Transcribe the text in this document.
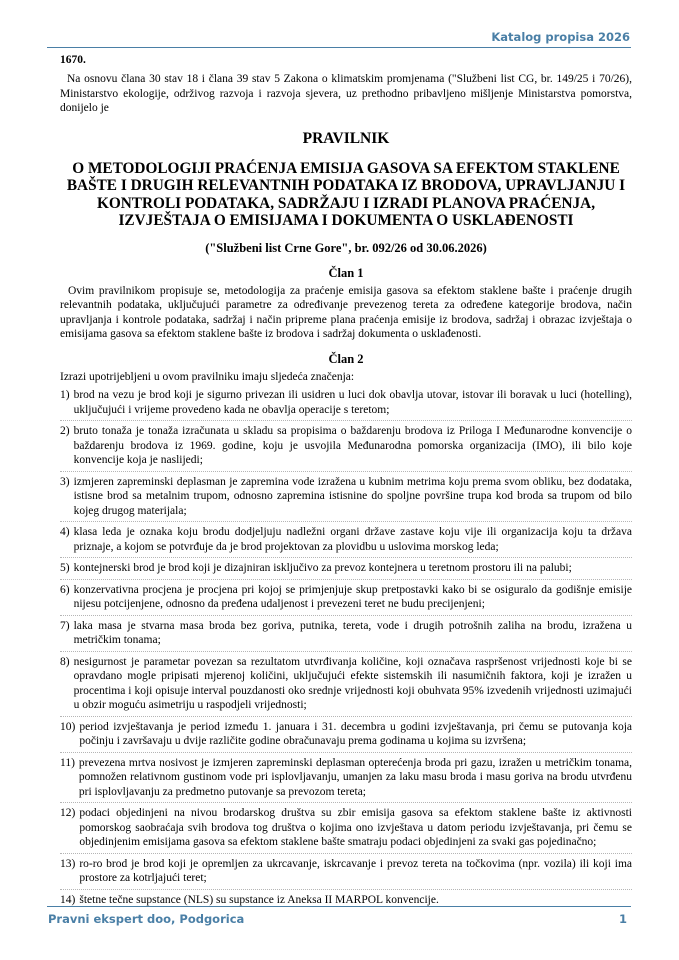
Katalog propisa 2026

1670.

Na osnovu člana 30 stav 18 i člana 39 stav 5 Zakona o klimatskim promjenama ("Službeni list CG, br. 149/25 i 70/26), Ministarstvo ekologije, održivog razvoja i razvoja sjevera, uz prethodno pribavljeno mišljenje Ministarstva pomorstva, donijelo je

PRAVILNIK
O METODOLOGIJI PRAĆENJA EMISIJA GASOVA SA EFEKTOM STAKLENE BAŠTE I DRUGIH RELEVANTNIH PODATAKA IZ BRODOVA, UPRAVLJANJU I KONTROLI PODATAKA, SADRŽAJU I IZRADI PLANOVA PRAĆENJA, IZVJEŠTAJA O EMISIJAMA I DOKUMENTA O USKLAĐENOSTI
("Službeni list Crne Gore", br. 092/26 od 30.06.2026)
Član 1

Ovim pravilnikom propisuje se, metodologija za praćenje emisija gasova sa efektom staklene bašte i praćenje drugih relevantnih podataka, uključujući parametre za određivanje prevezenog tereta za određene kategorije brodova, način upravljanja i kontrole podataka, sadržaj i način pripreme plana praćenja emisije iz brodova, sadržaj i obrazac izvještaja o emisijama gasova sa efektom staklene bašte iz brodova i sadržaj dokumenta o usklađenosti.

Član 2

Izrazi upotrijebljeni u ovom pravilniku imaju sljedeća značenja:

1) brod na vezu je brod koji je sigurno privezan ili usidren u luci dok obavlja utovar, istovar ili boravak u luci (hotelling), uključujući i vrijeme provedeno kada ne obavlja operacije s teretom;
2) bruto tonaža je tonaža izračunata u skladu sa propisima o baždarenju brodova iz Priloga I Međunarodne konvencije o baždarenju brodova iz 1969. godine, koju je usvojila Međunarodna pomorska organizacija (IMO), ili bilo koje konvencije koja je naslijedi;
3) izmjeren zapreminski deplasman je zapremina vode izražena u kubnim metrima koju prema svom obliku, bez dodataka, istisne brod sa metalnim trupom, odnosno zapremina istisnine do spoljne površine trupa kod broda sa trupom od bilo kojeg drugog materijala;
4) klasa leda je oznaka koju brodu dodjeljuju nadležni organi države zastave koju vije ili organizacija koju ta država priznaje, a kojom se potvrđuje da je brod projektovan za plovidbu u uslovima morskog leda;
5) kontejnerski brod je brod koji je dizajniran isključivo za prevoz kontejnera u teretnom prostoru ili na palubi;
6) konzervativna procjena je procjena pri kojoj se primjenjuje skup pretpostavki kako bi se osiguralo da godišnje emisije nijesu potcijenjene, odnosno da pređena udaljenost i prevezeni teret ne budu precijenjeni;
7) laka masa je stvarna masa broda bez goriva, putnika, tereta, vode i drugih potrošnih zaliha na brodu, izražena u metričkim tonama;
8) nesigurnost je parametar povezan sa rezultatom utvrđivanja količine, koji označava raspršenost vrijednosti koje bi se opravdano mogle pripisati mjerenoj količini, uključujući efekte sistemskih ili nasumičnih faktora, koji je izražen u procentima i koji opisuje interval pouzdanosti oko srednje vrijednosti koji obuhvata 95% izvedenih vrijednosti uzimajući u obzir moguću asimetriju u raspodjeli vrijednosti;
10) period izvještavanja je period između 1. januara i 31. decembra u godini izvještavanja, pri čemu se putovanja koja počinju i završavaju u dvije različite godine obračunavaju prema godinama u kojima su izvršena;
11) prevezena mrtva nosivost je izmjeren zapreminski deplasman opterećenja broda pri gazu, izražen u metričkim tonama, pomnožen relativnom gustinom vode pri isplovljavanju, umanjen za laku masu broda i masu goriva na brodu utvrđenu pri isplovljavanju za predmetno putovanje sa prevozom tereta;
12) podaci objedinjeni na nivou brodarskog društva su zbir emisija gasova sa efektom staklene bašte iz aktivnosti pomorskog saobraćaja svih brodova tog društva o kojima ono izvještava u datom periodu izvještavanja, pri čemu se objedinjenim emisijama gasova sa efektom staklene bašte smatraju podaci objedinjeni za svaki gas pojedinačno;
13) ro-ro brod je brod koji je opremljen za ukrcavanje, iskrcavanje i prevoz tereta na točkovima (npr. vozila) ili koji ima prostore za kotrljajući teret;
14) štetne tečne supstance (NLS) su supstance iz Aneksa II MARPOL konvencije.
Pravni ekspert doo, Podgorica	1
